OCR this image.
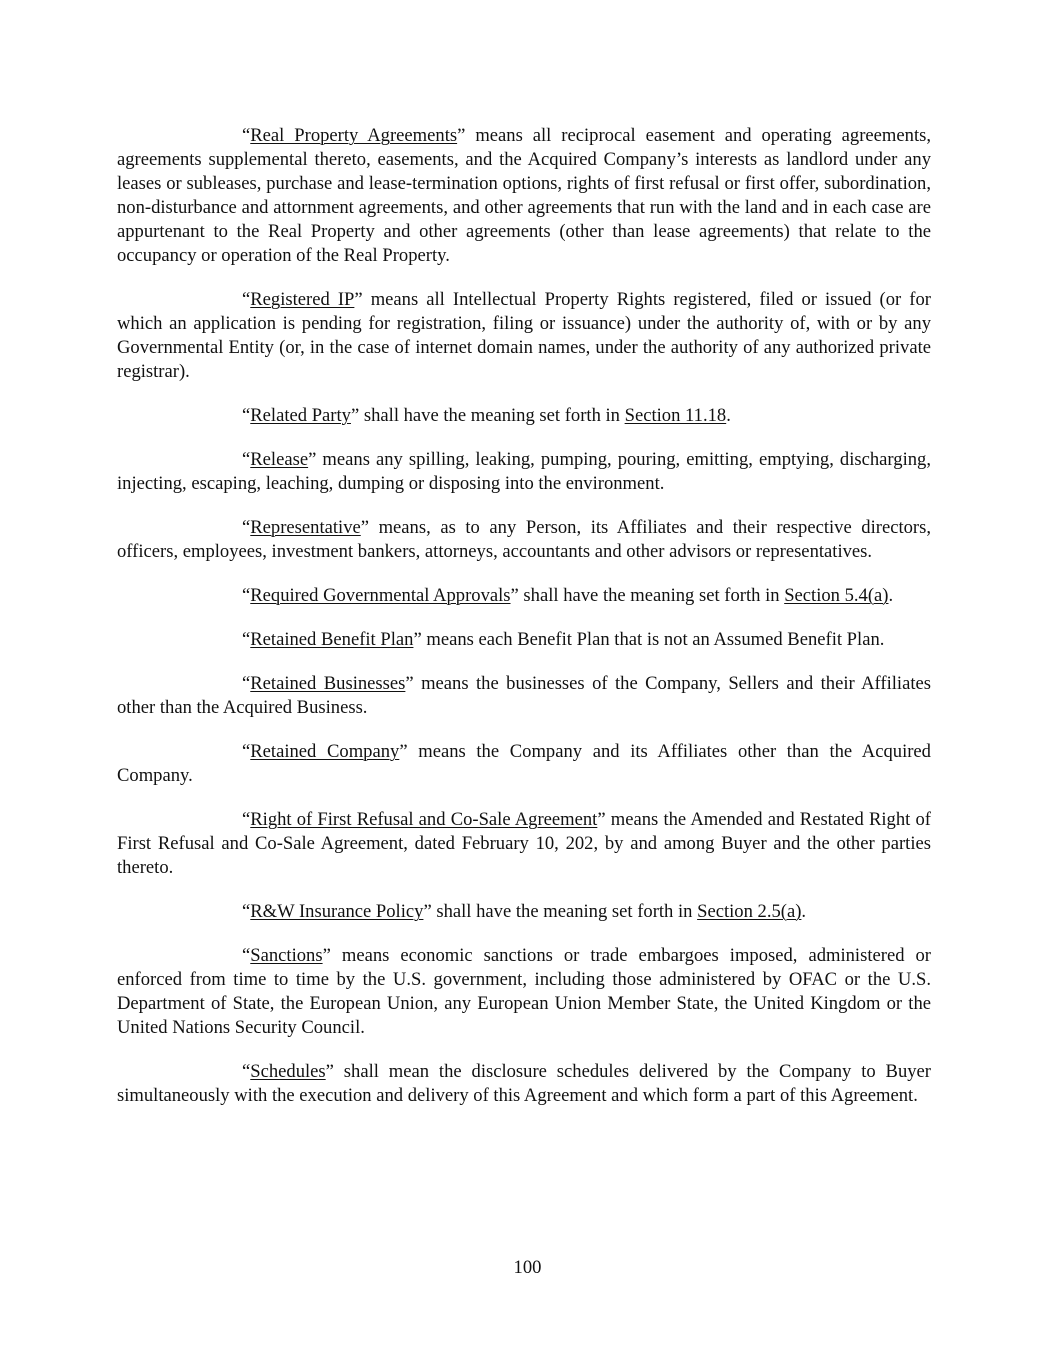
“Real Property Agreements” means all reciprocal easement and operating agreements, agreements supplemental thereto, easements, and the Acquired Company’s interests as landlord under any leases or subleases, purchase and lease-termination options, rights of first refusal or first offer, subordination, non-disturbance and attornment agreements, and other agreements that run with the land and in each case are appurtenant to the Real Property and other agreements (other than lease agreements) that relate to the occupancy or operation of the Real Property.

“Registered IP” means all Intellectual Property Rights registered, filed or issued (or for which an application is pending for registration, filing or issuance) under the authority of, with or by any Governmental Entity (or, in the case of internet domain names, under the authority of any authorized private registrar).

“Related Party” shall have the meaning set forth in Section 11.18.

“Release” means any spilling, leaking, pumping, pouring, emitting, emptying, discharging, injecting, escaping, leaching, dumping or disposing into the environment.

“Representative” means, as to any Person, its Affiliates and their respective directors, officers, employees, investment bankers, attorneys, accountants and other advisors or representatives.

“Required Governmental Approvals” shall have the meaning set forth in Section 5.4(a).

“Retained Benefit Plan” means each Benefit Plan that is not an Assumed Benefit Plan.

“Retained Businesses” means the businesses of the Company, Sellers and their Affiliates other than the Acquired Business.

“Retained Company” means the Company and its Affiliates other than the Acquired Company.

“Right of First Refusal and Co-Sale Agreement” means the Amended and Restated Right of First Refusal and Co-Sale Agreement, dated February 10, 202, by and among Buyer and the other parties thereto.

“R&W Insurance Policy” shall have the meaning set forth in Section 2.5(a).

“Sanctions” means economic sanctions or trade embargoes imposed, administered or enforced from time to time by the U.S. government, including those administered by OFAC or the U.S. Department of State, the European Union, any European Union Member State, the United Kingdom or the United Nations Security Council.

“Schedules” shall mean the disclosure schedules delivered by the Company to Buyer simultaneously with the execution and delivery of this Agreement and which form a part of this Agreement.

100
